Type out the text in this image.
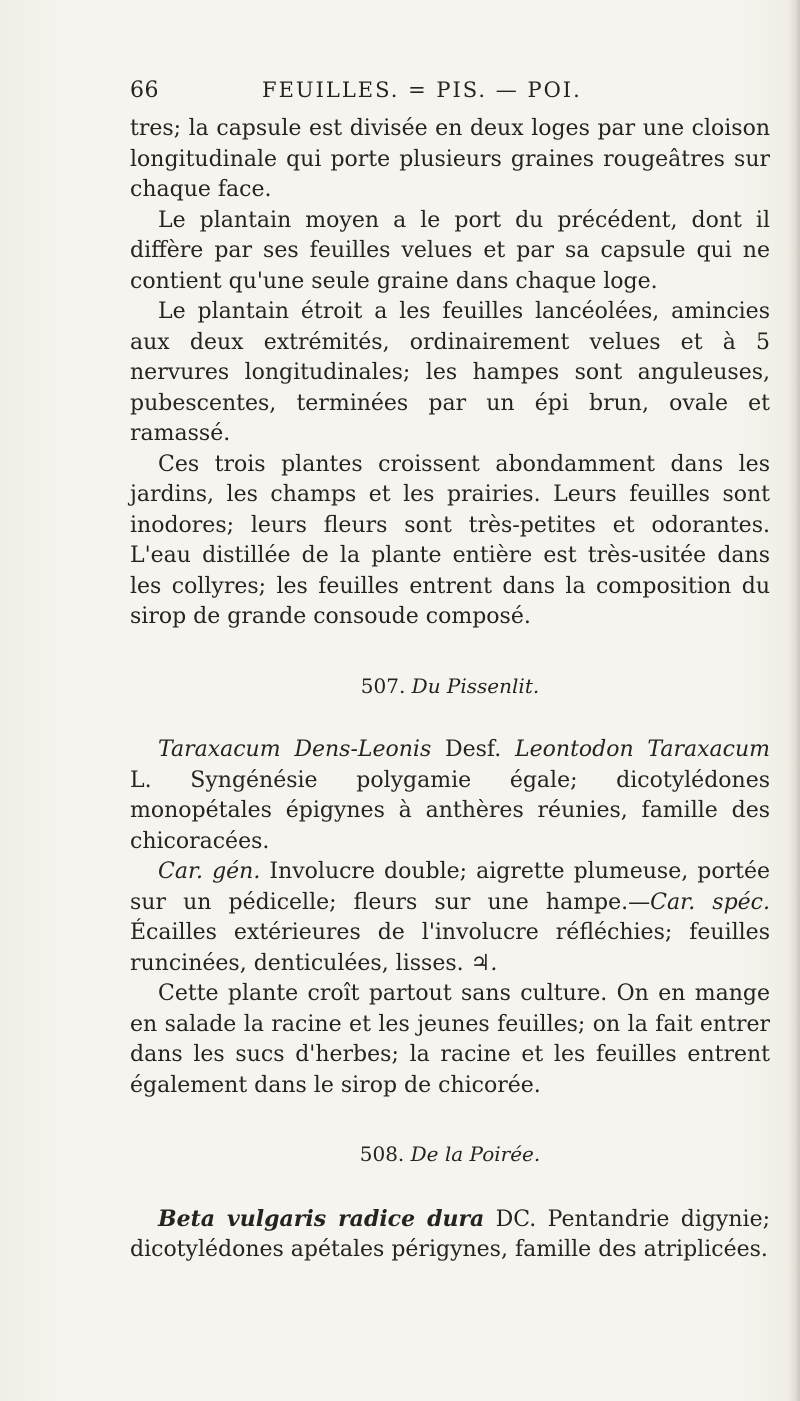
66	FEUILLES. = PIS. — POI.

tres; la capsule est divisée en deux loges par une cloison longitudinale qui porte plusieurs graines rougeâtres sur chaque face.

Le plantain moyen a le port du précédent, dont il diffère par ses feuilles velues et par sa capsule qui ne contient qu'une seule graine dans chaque loge.

Le plantain étroit a les feuilles lancéolées, amincies aux deux extrémités, ordinairement velues et à 5 nervures longitudinales; les hampes sont anguleuses, pubescentes, terminées par un épi brun, ovale et ramassé.

Ces trois plantes croissent abondamment dans les jardins, les champs et les prairies. Leurs feuilles sont inodores; leurs fleurs sont très-petites et odorantes. L'eau distillée de la plante entière est très-usitée dans les collyres; les feuilles entrent dans la composition du sirop de grande consoude composé.

507. Du Pissenlit.

Taraxacum Dens-Leonis Desf. Leontodon Taraxacum L. Syngénésie polygamie égale; dicotylédones monopétales épigynes à anthères réunies, famille des chicoracées.

Car. gén. Involucre double; aigrette plumeuse, portée sur un pédicelle; fleurs sur une hampe.—Car. spéc. Écailles extérieures de l'involucre réfléchies; feuilles runcinées, denticulées, lisses. ♃.

Cette plante croît partout sans culture. On en mange en salade la racine et les jeunes feuilles; on la fait entrer dans les sucs d'herbes; la racine et les feuilles entrent également dans le sirop de chicorée.

508. De la Poirée.

Beta vulgaris radice dura DC. Pentandrie digynie; dicotylédones apétales périgynes, famille des atriplicées.
